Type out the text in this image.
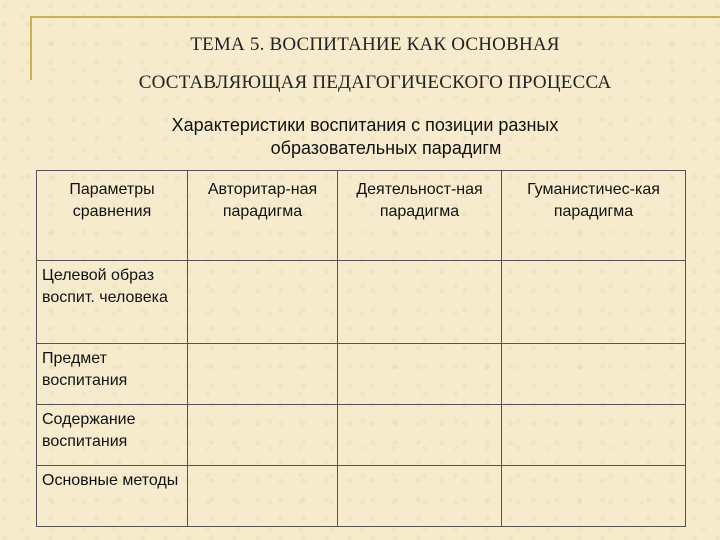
ТЕМА 5. ВОСПИТАНИЕ КАК ОСНОВНАЯ
СОСТАВЛЯЮЩАЯ ПЕДАГОГИЧЕСКОГО ПРОЦЕССА
Характеристики воспитания с позиции разных
образовательных парадигм
Параметры сравнения	Авторитар-ная парадигма	Деятельност-ная парадигма	Гуманистичес-кая парадигма
Целевой образ воспит. человека			
Предмет воспитания			
Содержание воспитания			
Основные методы			
